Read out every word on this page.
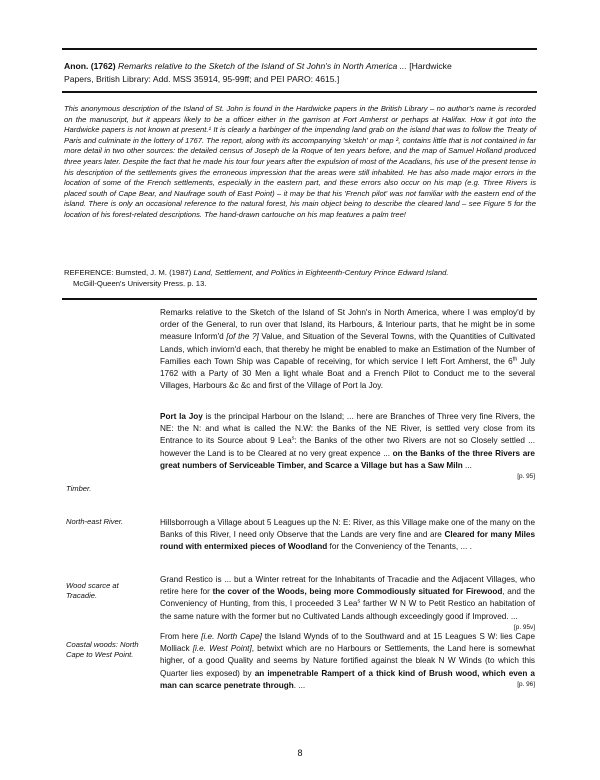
Anon. (1762) Remarks relative to the Sketch of the Island of St John's in North America ... [Hardwicke
Papers, British Library: Add. MSS 35914, 95-99ff; and PEI PARO: 4615.]
This anonymous description of the Island of St. John is found in the Hardwicke papers in the British Library – no author's name is recorded on the manuscript, but it appears likely to be a officer either in the garrison at Fort Amherst or perhaps at Halifax. How it got into the Hardwicke papers is not known at present.¹ It is clearly a harbinger of the impending land grab on the island that was to follow the Treaty of Paris and culminate in the lottery of 1767. The report, along with its accompanying 'sketch' or map ², contains little that is not contained in far more detail in two other sources: the detailed census of Joseph de la Roque of ten years before, and the map of Samuel Holland produced three years later. Despite the fact that he made his tour four years after the expulsion of most of the Acadians, his use of the present tense in his description of the settlements gives the erroneous impression that the areas were still inhabited. He has also made major errors in the location of some of the French settlements, especially in the eastern part, and these errors also occur on his map (e.g. Three Rivers is placed south of Cape Bear, and Naufrage south of East Point) – it may be that his 'French pilot' was not familiar with the eastern end of the island. There is only an occasional reference to the natural forest, his main object being to describe the cleared land – see Figure 5 for the location of his forest-related descriptions. The hand-drawn cartouche on his map features a palm tree!
REFERENCE: Bumsted, J. M. (1987) Land, Settlement, and Politics in Eighteenth-Century Prince Edward Island.
McGill-Queen's University Press. p. 13.
Timber.
North-east River.
Wood scarce at Tracadie.
Coastal woods: North Cape to West Point.
Remarks relative to the Sketch of the Island of St John's in North America, where I was employ'd by order of the General, to run over that Island, its Harbours, & Interiour parts, that he might be in some measure Inform'd [of the ?] Value, and Situation of the Several Towns, with the Quantities of Cultivated Lands, which inviorn'd each, that thereby he might be enabled to make an Estimation of the Number of Families each Town Ship was Capable of receiving, for which service I left Fort Amherst, the 6th July 1762 with a Party of 30 Men a light whale Boat and a French Pilot to Conduct me to the several Villages, Harbours &c &c and first of the Village of Port la Joy.
Port la Joy is the principal Harbour on the Island; ... here are Branches of Three very fine Rivers, the NE: the N: and what is called the N.W: the Banks of the NE River, is settled very close from its Entrance to its Source about 9 Lea$^s$: the Banks of the other two Rivers are not so Closely settled ... however the Land is to be Cleared at no very great expence ... on the Banks of the three Rivers are great numbers of Serviceable Timber, and Scarce a Village but has a Saw Miln ...
[p. 95]
Hillsborrough a Village about 5 Leagues up the N: E: River, as this Village make one of the many on the Banks of this River, I need only Observe that the Lands are very fine and are Cleared for many Miles round with entermixed pieces of Woodland for the Conveniency of the Tenants, ... .
Grand Restico is ... but a Winter retreat for the Inhabitants of Tracadie and the Adjacent Villages, who retire here for the cover of the Woods, being more Commodiously situated for Firewood, and the Conveniency of Hunting, from this, I proceeded 3 Lea$^s$ farther W N W to Petit Restico an habitation of the same nature with the former but no Cultivated Lands although exceedingly good if Improved. ...
[p. 95v]
From here [i.e. North Cape] the Island Wynds of to the Southward and at 15 Leagues S W: lies Cape Molliack [i.e. West Point], betwixt which are no Harbours or Settlements, the Land here is somewhat higher, of a good Quality and seems by Nature fortified against the bleak N W Winds (to which this Quarter lies exposed) by an impenetrable Rampert of a thick kind of Brush wood, which even a man can scarce penetrate through. ...	[p. 96]
8
